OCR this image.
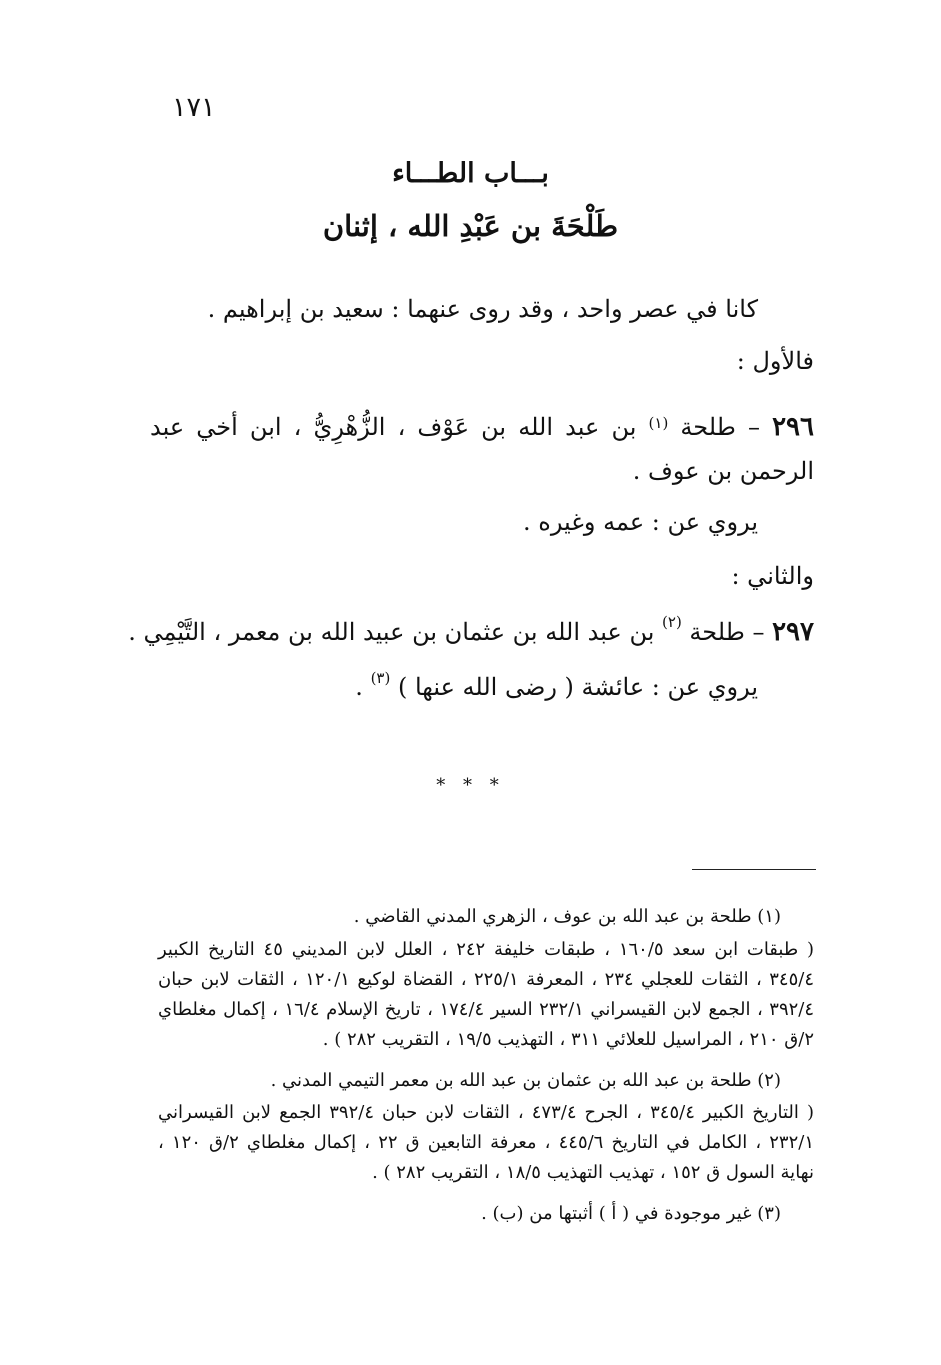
١٧١
بـــاب الطـــاء
طَلْحَةَ بن عَبْدِ الله ، إثنان
كانا في عصر واحد ، وقد روى عنهما : سعيد بن إبراهيم .
فالأول :
٢٩٦ – طلحة $^{(١)}$ بن عبد الله بن عَوْف ، الزُّهْرِيُّ ، ابن أخي عبد الرحمن بن عوف .
يروي عن : عمه وغيره .
والثاني :
٢٩٧ – طلحة $^{(٢)}$ بن عبد الله بن عثمان بن عبيد الله بن معمر ، التَّيْمِي .
يروي عن : عائشة ( رضى الله عنها ) $^{(٣)}$ .
* * *
(١) طلحة بن عبد الله بن عوف ، الزهري المدني القاضي .
( طبقات ابن سعد ١٦٠/٥ ، طبقات خليفة ٢٤٢ ، العلل لابن المديني ٤٥ التاريخ الكبير ٣٤٥/٤ ، الثقات للعجلي ٢٣٤ ، المعرفة ٢٢٥/١ ، القضاة لوكيع ١٢٠/١ ، الثقات لابن حبان ٣٩٢/٤ ، الجمع لابن القيسراني ٢٣٢/١ السير ١٧٤/٤ ، تاريخ الإسلام ١٦/٤ ، إكمال مغلطاي ٢/ق ٢١٠ ، المراسيل للعلائي ٣١١ ، التهذيب ١٩/٥ ، التقريب ٢٨٢ ) .
(٢) طلحة بن عبد الله بن عثمان بن عبد الله بن معمر التيمي المدني .
( التاريخ الكبير ٣٤٥/٤ ، الجرح ٤٧٣/٤ ، الثقات لابن حبان ٣٩٢/٤ الجمع لابن القيسراني ٢٣٢/١ ، الكامل في التاريخ ٤٤٥/٦ ، معرفة التابعين ق ٢٢ ، إكمال مغلطاي ٢/ق ١٢٠ ، نهاية السول ق ١٥٢ ، تهذيب التهذيب ١٨/٥ ، التقريب ٢٨٢ ) .
(٣) غير موجودة في ( أ ) أثبتها من (ب) .
